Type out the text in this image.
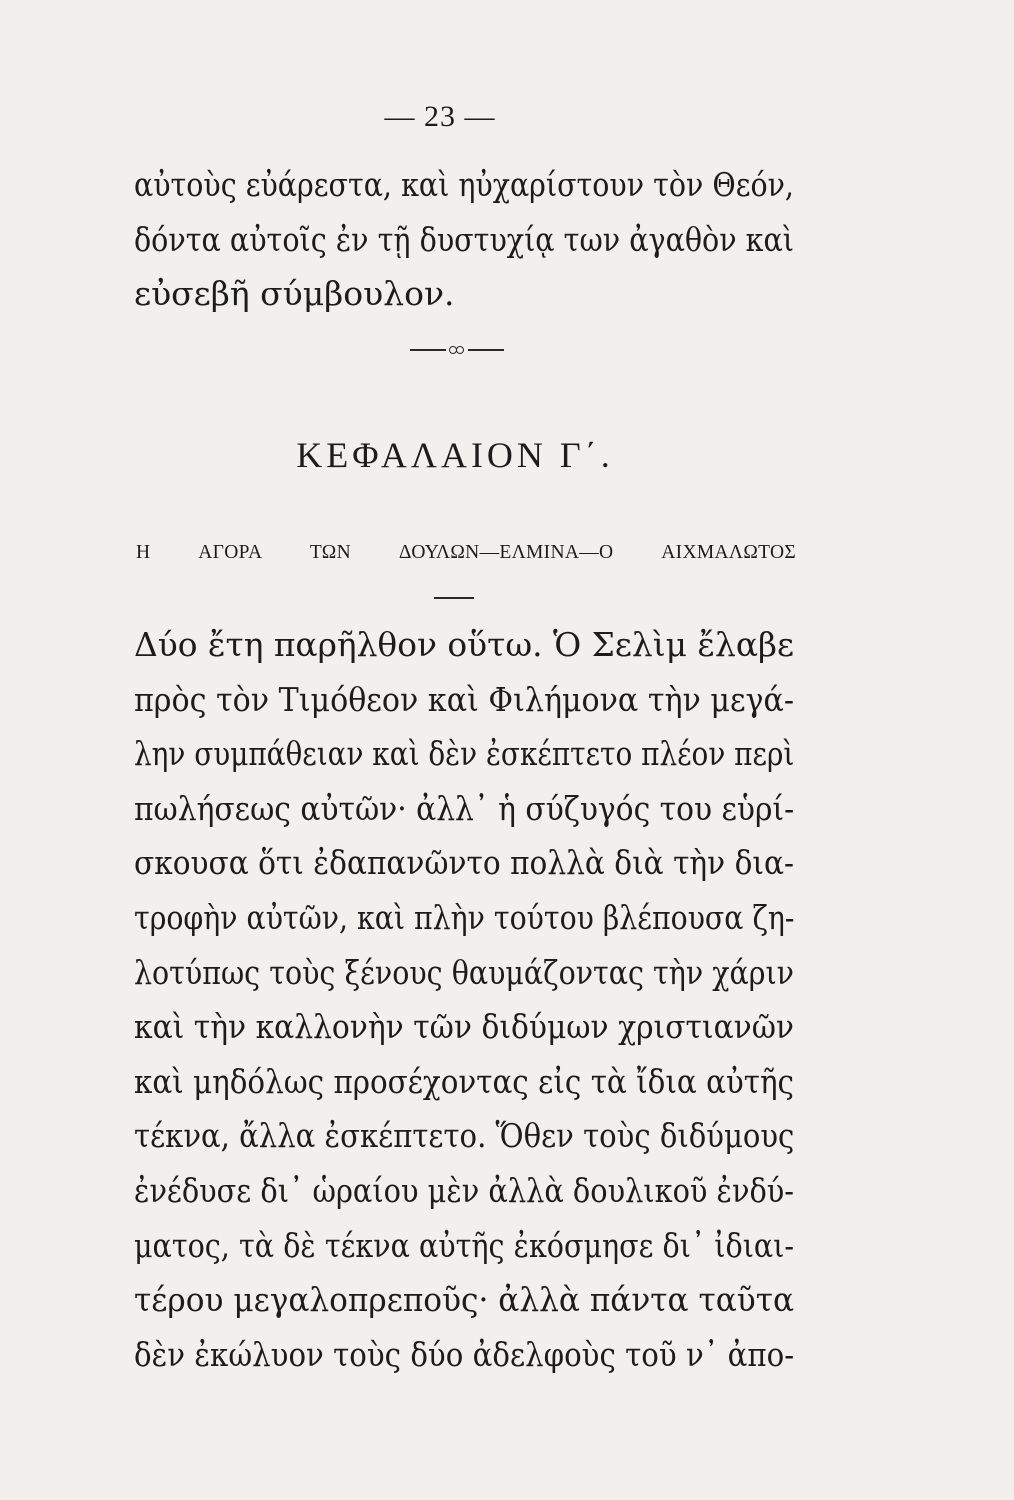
— 23 —
αὐτοὺς εὐάρεστα, καὶ ηὐχαρίστουν τὸν Θεόν,
δόντα αὐτοῖς ἐν τῇ δυστυχίᾳ των ἀγαθὸν καὶ
εὐσεβῆ σύμβουλον.
ΚΕΦΑΛΑΙΟΝ Γ΄.
Η ΑΓΟΡΑ ΤΩΝ ΔΟΥΛΩΝ—ΕΛΜΙΝΑ—Ο ΑΙΧΜΑΛΩΤΟΣ
Δύο ἔτη παρῆλθον οὕτω. Ὁ Σελὶμ ἔλαβε
πρὸς τὸν Τιμόθεον καὶ Φιλήμονα τὴν μεγά-
λην συμπάθειαν καὶ δὲν ἐσκέπτετο πλέον περὶ
πωλήσεως αὐτῶν· ἀλλ᾽ ἡ σύζυγός του εὑρί-
σκουσα ὅτι ἐδαπανῶντο πολλὰ διὰ τὴν δια-
τροφὴν αὐτῶν, καὶ πλὴν τούτου βλέπουσα ζη-
λοτύπως τοὺς ξένους θαυμάζοντας τὴν χάριν
καὶ τὴν καλλονὴν τῶν διδύμων χριστιανῶν
καὶ μηδόλως προσέχοντας εἰς τὰ ἴδια αὐτῆς
τέκνα, ἄλλα ἐσκέπτετο. Ὅθεν τοὺς διδύμους
ἐνέδυσε δι᾽ ὡραίου μὲν ἀλλὰ δουλικοῦ ἐνδύ-
ματος, τὰ δὲ τέκνα αὐτῆς ἐκόσμησε δι᾽ ἰδιαι-
τέρου μεγαλοπρεποῦς· ἀλλὰ πάντα ταῦτα
δὲν ἐκώλυον τοὺς δύο ἀδελφοὺς τοῦ ν᾽ ἀπο-
